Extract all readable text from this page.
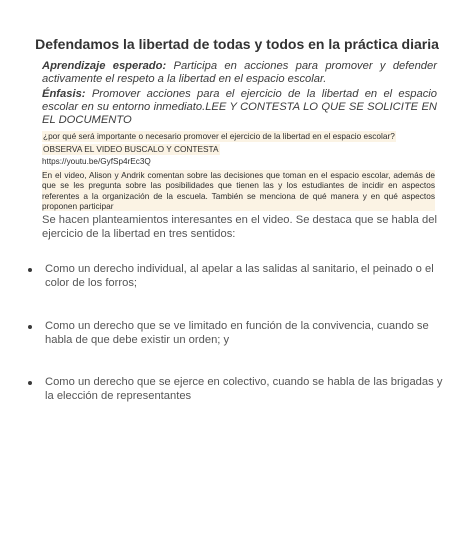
Defendamos la libertad de todas y todos en la práctica diaria
Aprendizaje esperado: Participa en acciones para promover y defender activamente el respeto a la libertad en el espacio escolar.
Énfasis: Promover acciones para el ejercicio de la libertad en el espacio escolar en su entorno inmediato.LEE Y CONTESTA LO QUE SE SOLICITE EN EL DOCUMENTO
¿por qué será importante o necesario promover el ejercicio de la libertad en el espacio escolar?
OBSERVA EL VIDEO BUSCALO Y CONTESTA
https://youtu.be/GyfSp4rEc3Q
En el video, Alison y Andrik comentan sobre las decisiones que toman en el espacio escolar, además de que se les pregunta sobre las posibilidades que tienen las y los estudiantes de incidir en aspectos referentes a la organización de la escuela. También se menciona de qué manera y en qué aspectos proponen participar
Se hacen planteamientos interesantes en el video. Se destaca que se habla del ejercicio de la libertad en tres sentidos:
Como un derecho individual, al apelar a las salidas al sanitario, el peinado o el color de los forros;
Como un derecho que se ve limitado en función de la convivencia, cuando se habla de que debe existir un orden; y
Como un derecho que se ejerce en colectivo, cuando se habla de las brigadas y la elección de representantes
